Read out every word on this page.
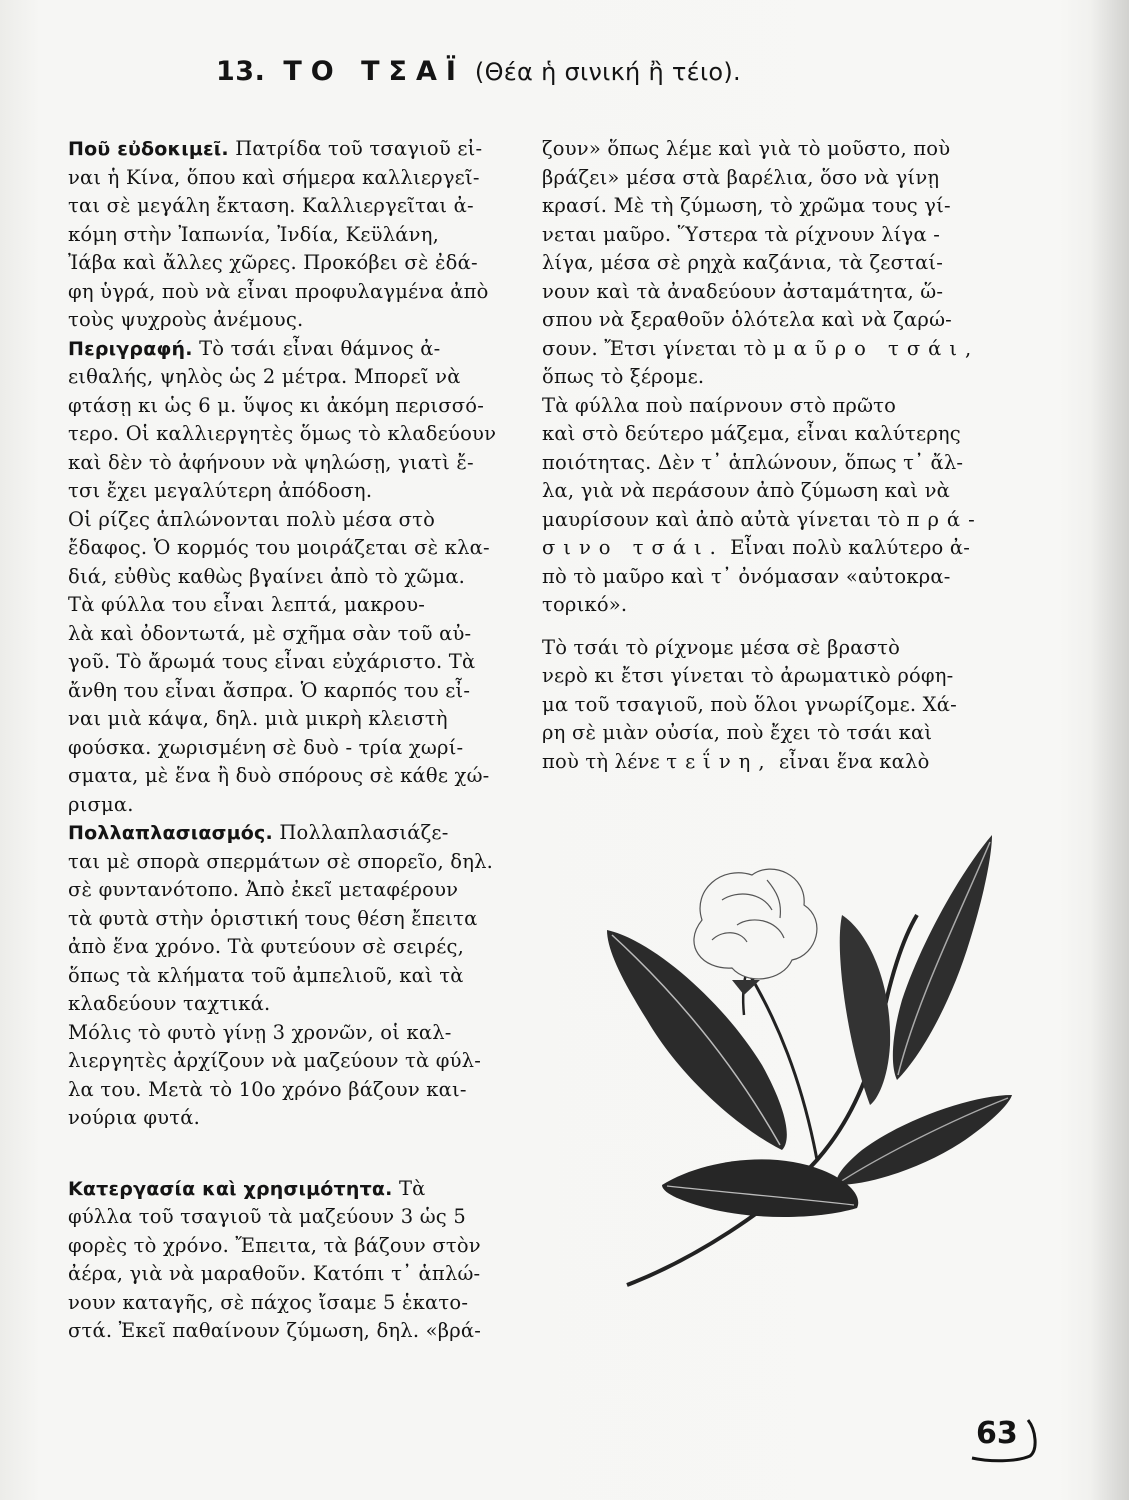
13. ΤΟ ΤΣΑΪ (Θέα ἡ σινική ἢ τέιο).
Ποῦ εὐδοκιμεῖ. Πατρίδα τοῦ τσαγιοῦ εἰ-
ναι ἡ Κίνα, ὅπου καὶ σήμερα καλλιεργεῖ-
ται σὲ μεγάλη ἔκταση. Καλλιεργεῖται ἀ-
κόμη στὴν Ἰαπωνία, Ἰνδία, Κεϋλάνη,
Ἰάβα καὶ ἄλλες χῶρες. Προκόβει σὲ ἐδά-
φη ὑγρά, ποὺ νὰ εἶναι προφυλαγμένα ἀπὸ
τοὺς ψυχροὺς ἀνέμους.
Περιγραφή. Τὸ τσάι εἶναι θάμνος ἀ-
ειθαλής, ψηλὸς ὡς 2 μέτρα. Μπορεῖ νὰ
φτάσῃ κι ὡς 6 μ. ὕψος κι ἀκόμη περισσό-
τερο. Οἱ καλλιεργητὲς ὅμως τὸ κλαδεύουν
καὶ δὲν τὸ ἀφήνουν νὰ ψηλώσῃ, γιατὶ ἔ-
τσι ἔχει μεγαλύτερη ἀπόδοση.
Οἱ ρίζες ἁπλώνονται πολὺ μέσα στὸ
ἔδαφος. Ὁ κορμός του μοιράζεται σὲ κλα-
διά, εὐθὺς καθὼς βγαίνει ἀπὸ τὸ χῶμα.
Τὰ φύλλα του εἶναι λεπτά, μακρου-
λὰ καὶ ὀδοντωτά, μὲ σχῆμα σὰν τοῦ αὐ-
γοῦ. Τὸ ἄρωμά τους εἶναι εὐχάριστο. Τὰ
ἄνθη του εἶναι ἄσπρα. Ὁ καρπός του εἶ-
ναι μιὰ κάψα, δηλ. μιὰ μικρὴ κλειστὴ
φούσκα. χωρισμένη σὲ δυὸ - τρία χωρί-
σματα, μὲ ἕνα ἢ δυὸ σπόρους σὲ κάθε χώ-
ρισμα.
Πολλαπλασιασμός. Πολλαπλασιάζε-
ται μὲ σπορὰ σπερμάτων σὲ σπορεῖο, δηλ.
σὲ φυντανότοπο. Ἀπὸ ἐκεῖ μεταφέρουν
τὰ φυτὰ στὴν ὁριστική τους θέση ἔπειτα
ἀπὸ ἕνα χρόνο. Τὰ φυτεύουν σὲ σειρές,
ὅπως τὰ κλήματα τοῦ ἀμπελιοῦ, καὶ τὰ
κλαδεύουν ταχτικά.
Μόλις τὸ φυτὸ γίνῃ 3 χρονῶν, οἱ καλ-
λιεργητὲς ἀρχίζουν νὰ μαζεύουν τὰ φύλ-
λα του. Μετὰ τὸ 10ο χρόνο βάζουν και-
νούρια φυτά.
Κατεργασία καὶ χρησιμότητα. Τὰ
φύλλα τοῦ τσαγιοῦ τὰ μαζεύουν 3 ὡς 5
φορὲς τὸ χρόνο. Ἔπειτα, τὰ βάζουν στὸν
ἀέρα, γιὰ νὰ μαραθοῦν. Κατόπι τ᾿ ἁπλώ-
νουν καταγῆς, σὲ πάχος ἴσαμε 5 ἑκατο-
στά. Ἐκεῖ παθαίνουν ζύμωση, δηλ. «βρά-
ζουν» ὅπως λέμε καὶ γιὰ τὸ μοῦστο, ποὺ
βράζει» μέσα στὰ βαρέλια, ὅσο νὰ γίνῃ
κρασί. Μὲ τὴ ζύμωση, τὸ χρῶμα τους γί-
νεται μαῦρο. Ὕστερα τὰ ρίχνουν λίγα -
λίγα, μέσα σὲ ρηχὰ καζάνια, τὰ ζεσταί-
νουν καὶ τὰ ἀναδεύουν ἀσταμάτητα, ὥ-
σπου νὰ ξεραθοῦν ὁλότελα καὶ νὰ ζαρώ-
σουν. Ἔτσι γίνεται τὸ μαῦρο τσάι,
ὅπως τὸ ξέρομε.
Τὰ φύλλα ποὺ παίρνουν στὸ πρῶτο
καὶ στὸ δεύτερο μάζεμα, εἶναι καλύτερης
ποιότητας. Δὲν τ᾿ ἁπλώνουν, ὅπως τ᾿ ἄλ-
λα, γιὰ νὰ περάσουν ἀπὸ ζύμωση καὶ νὰ
μαυρίσουν καὶ ἀπὸ αὐτὰ γίνεται τὸ πρά-
σινο τσάι. Εἶναι πολὺ καλύτερο ἀ-
πὸ τὸ μαῦρο καὶ τ᾿ ὀνόμασαν «αὐτοκρα-
τορικό».
Τὸ τσάι τὸ ρίχνομε μέσα σὲ βραστὸ
νερὸ κι ἔτσι γίνεται τὸ ἀρωματικὸ ρόφη-
μα τοῦ τσαγιοῦ, ποὺ ὅλοι γνωρίζομε. Χά-
ρη σὲ μιὰν οὐσία, ποὺ ἔχει τὸ τσάι καὶ
ποὺ τὴ λένε τεΐνη, εἶναι ἕνα καλὸ
63
